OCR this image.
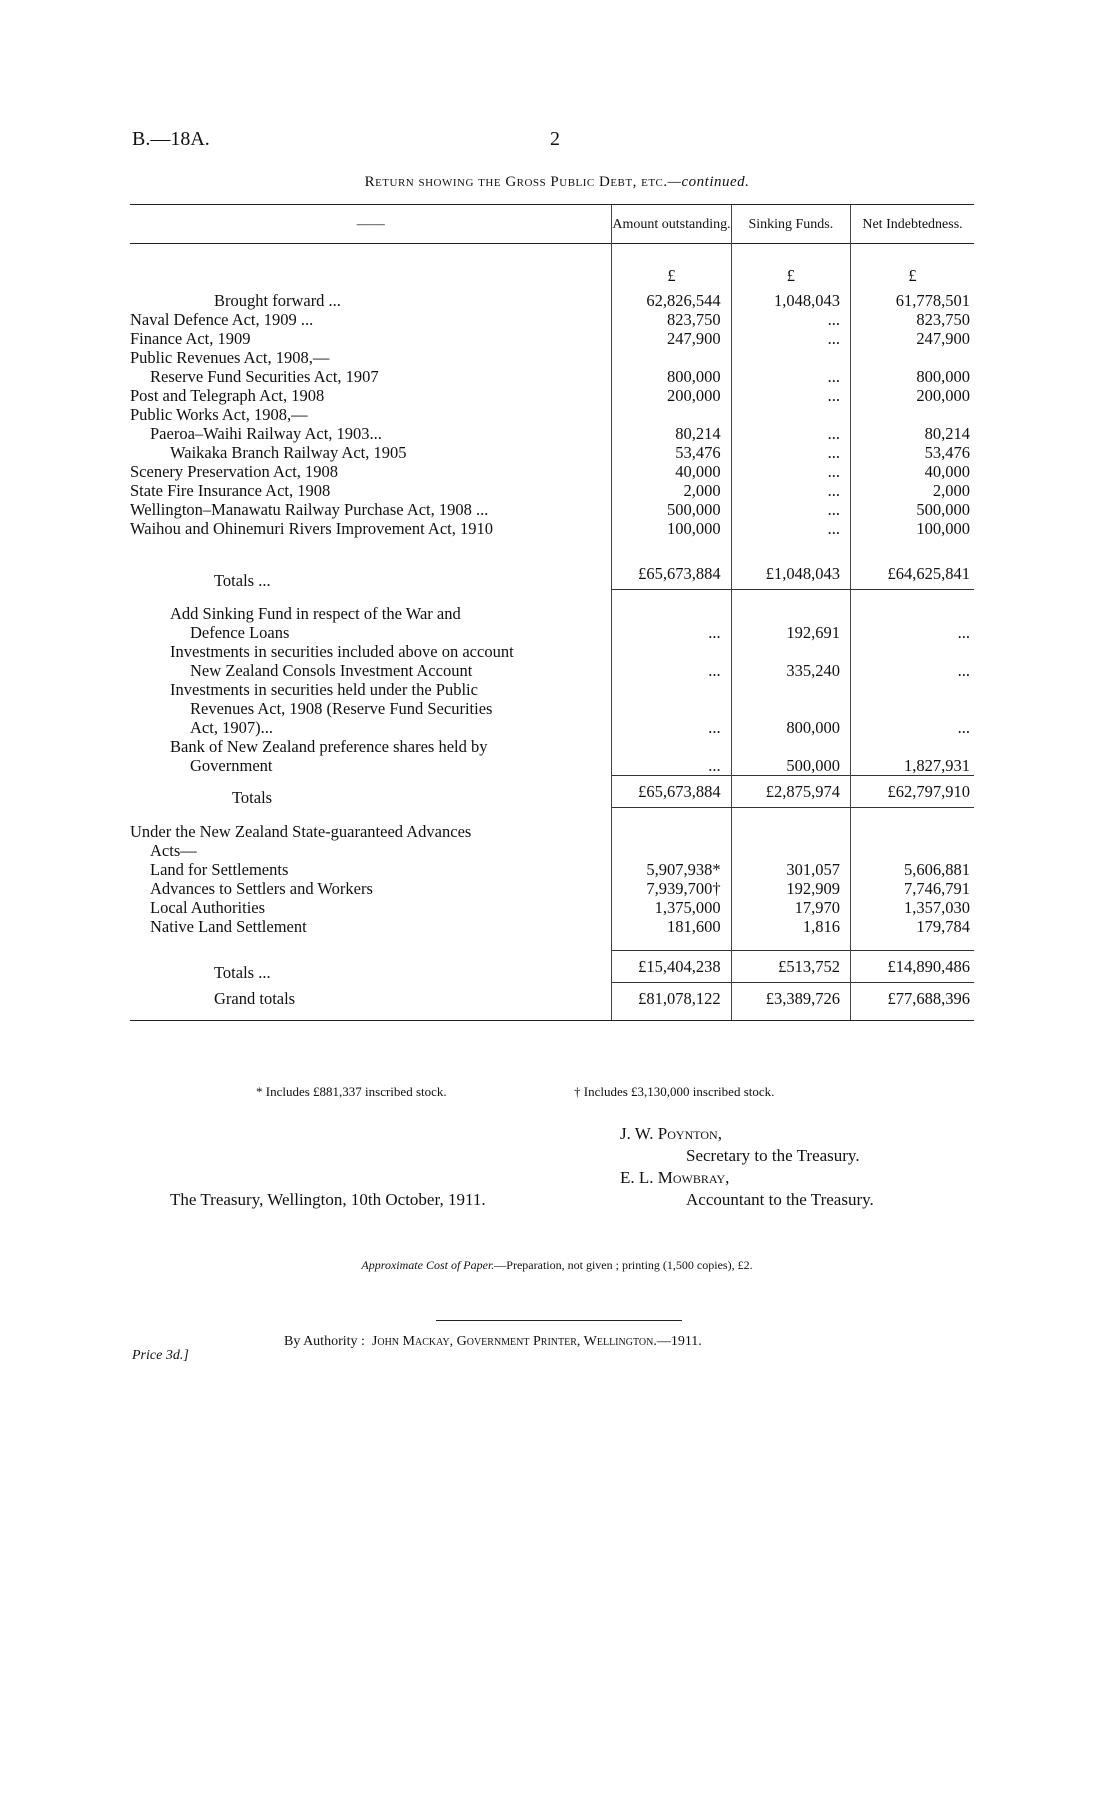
B.—18A.	2
Return showing the Gross Public Debt, etc.—continued.
——	Amount outstanding.	Sinking Funds.	Net Indebtedness.
	£	£	£
Brought forward ...	62,826,544	1,048,043	61,778,501
Naval Defence Act, 1909 ...	823,750	...	823,750
Finance Act, 1909	247,900	...	247,900
Public Revenues Act, 1908,—			
Reserve Fund Securities Act, 1907	800,000	...	800,000
Post and Telegraph Act, 1908	200,000	...	200,000
Public Works Act, 1908,—			
Paeroa–Waihi Railway Act, 1903...	80,214	...	80,214
Waikaka Branch Railway Act, 1905	53,476	...	53,476
Scenery Preservation Act, 1908	40,000	...	40,000
State Fire Insurance Act, 1908	2,000	...	2,000
Wellington–Manawatu Railway Purchase Act, 1908 ...	500,000	...	500,000
Waihou and Ohinemuri Rivers Improvement Act, 1910	100,000	...	100,000

Totals ...	£65,673,884	£1,048,043	£64,625,841

Add Sinking Fund in respect of the War and
Defence Loans	...	192,691	...

Investments in securities included above on account
New Zealand Consols Investment Account	...	335,240	...

Investments in securities held under the Public
Revenues Act, 1908 (Reserve Fund Securities
Act, 1907)...	...	800,000	...

Bank of New Zealand preference shares held by
Government	...	500,000	1,827,931
Totals	£65,673,884	£2,875,974	£62,797,910

Under the New Zealand State-guaranteed Advances
Acts—			

Land for Settlements	5,907,938*	301,057	5,606,881
Advances to Settlers and Workers	7,939,700†	192,909	7,746,791
Local Authorities	1,375,000	17,970	1,357,030
Native Land Settlement	181,600	1,816	179,784

Totals ...	£15,404,238	£513,752	£14,890,486
Grand totals	£81,078,122	£3,389,726	£77,688,396
* Includes £881,337 inscribed stock.	† Includes £3,130,000 inscribed stock.
J. W. Poynton,
Secretary to the Treasury.
E. L. Mowbray,
The Treasury, Wellington, 10th October, 1911.	Accountant to the Treasury.
Approximate Cost of Paper.—Preparation, not given ; printing (1,500 copies), £2.
By Authority : John Mackay, Government Printer, Wellington.—1911.
Price 3d.]
